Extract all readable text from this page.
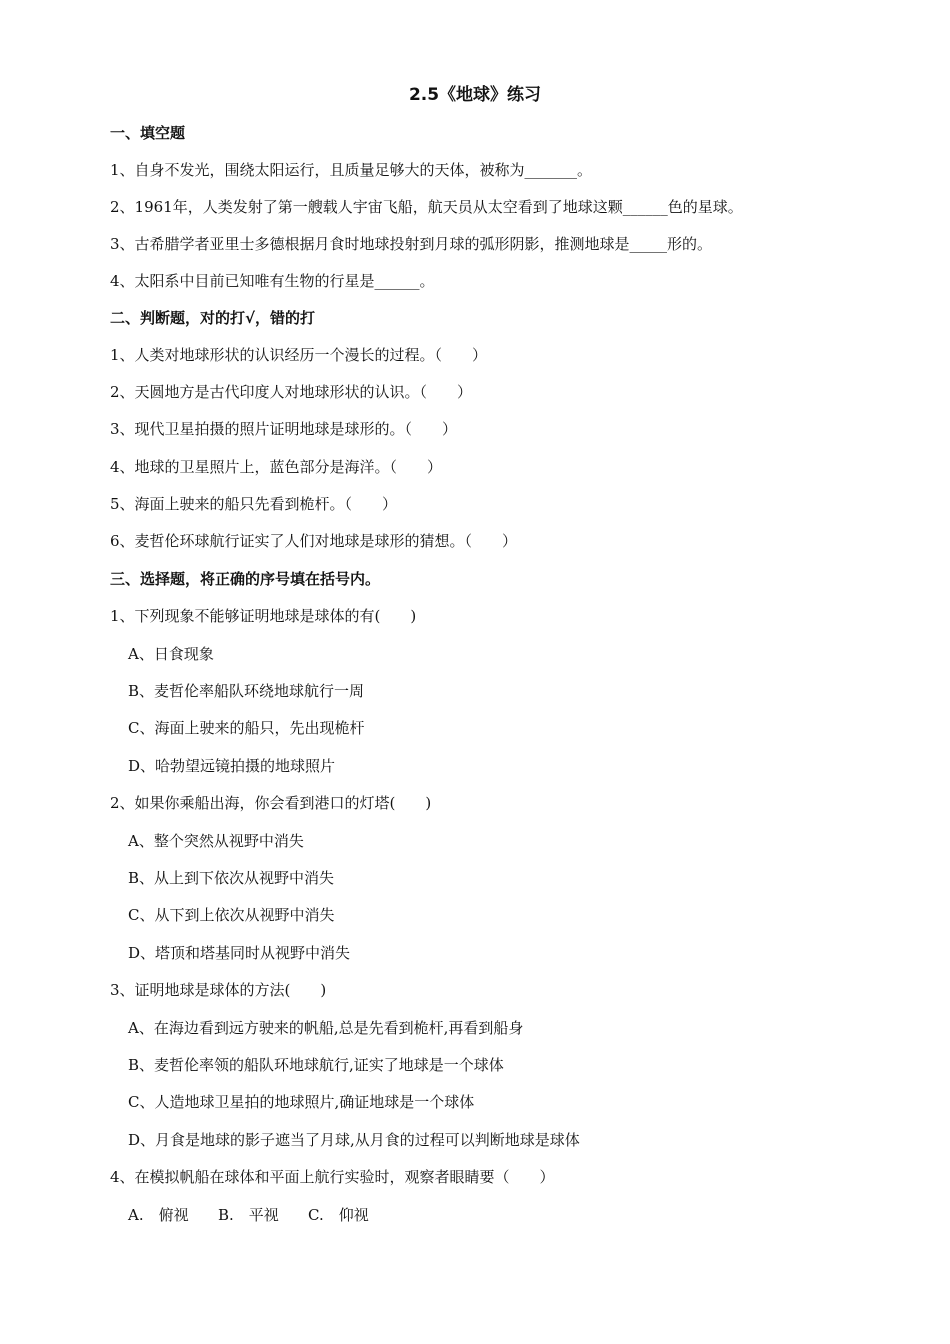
2.5《地球》练习
一、填空题
1、自身不发光，围绕太阳运行，且质量足够大的天体，被称为_______。
2、1961年，人类发射了第一艘载人宇宙飞船，航天员从太空看到了地球这颗______色的星球。
3、古希腊学者亚里士多德根据月食时地球投射到月球的弧形阴影，推测地球是_____形的。
4、太阳系中目前已知唯有生物的行星是______。
二、判断题，对的打√，错的打
1、人类对地球形状的认识经历一个漫长的过程。（　　）
2、天圆地方是古代印度人对地球形状的认识。（　　）
3、现代卫星拍摄的照片证明地球是球形的。（　　）
4、地球的卫星照片上，蓝色部分是海洋。（　　）
5、海面上驶来的船只先看到桅杆。（　　）
6、麦哲伦环球航行证实了人们对地球是球形的猜想。（　　）
三、选择题，将正确的序号填在括号内。
1、下列现象不能够证明地球是球体的有(　　)
A、日食现象
B、麦哲伦率船队环绕地球航行一周
C、海面上驶来的船只，先出现桅杆
D、哈勃望远镜拍摄的地球照片
2、如果你乘船出海，你会看到港口的灯塔(　　)
A、整个突然从视野中消失
B、从上到下依次从视野中消失
C、从下到上依次从视野中消失
D、塔顶和塔基同时从视野中消失
3、证明地球是球体的方法(　　)
A、在海边看到远方驶来的帆船,总是先看到桅杆,再看到船身
B、麦哲伦率领的船队环地球航行,证实了地球是一个球体
C、人造地球卫星拍的地球照片,确证地球是一个球体
D、月食是地球的影子遮当了月球,从月食的过程可以判断地球是球体
4、在模拟帆船在球体和平面上航行实验时，观察者眼睛要（　　）
A.　俯视 B.　平视 C.　仰视
